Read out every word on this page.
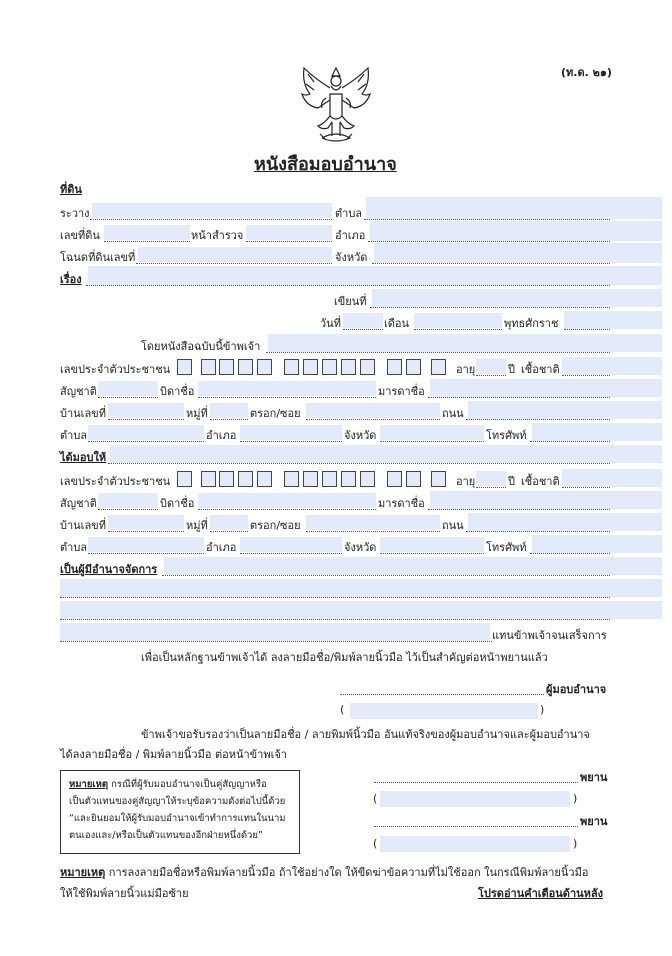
(ท.ด. ๒๑)
หนังสือมอบอำนาจ
ที่ดิน
ระวาง	ตำบล
เลขที่ดิน	หน้าสำรวจ	อำเภอ
โฉนดที่ดินเลขที่	จังหวัด
เรื่อง
เขียนที่
วันที่	เดือน	พุทธศักราช
โดยหนังสือฉบับนี้ข้าพเจ้า
เลขประจำตัวประชาชน	อายุ	ปี เชื้อชาติ
สัญชาติ	บิดาชื่อ	มารดาชื่อ
บ้านเลขที่	หมู่ที่	ตรอก/ซอย	ถนน
ตำบล	อำเภอ	จังหวัด	โทรศัพท์
ได้มอบให้
เลขประจำตัวประชาชน	อายุ	ปี เชื้อชาติ
สัญชาติ	บิดาชื่อ	มารดาชื่อ
บ้านเลขที่	หมู่ที่	ตรอก/ซอย	ถนน
ตำบล	อำเภอ	จังหวัด	โทรศัพท์
เป็นผู้มีอำนาจจัดการ
แทนข้าพเจ้าจนเสร็จการ
เพื่อเป็นหลักฐานข้าพเจ้าได้ ลงลายมือชื่อ/พิมพ์ลายนิ้วมือ ไว้เป็นสำคัญต่อหน้าพยานแล้ว
ผู้มอบอำนาจ
(	)
ข้าพเจ้าขอรับรองว่าเป็นลายมือชื่อ / ลายพิมพ์นิ้วมือ อันแท้จริงของผู้มอบอำนาจและผู้มอบอำนาจ
ได้ลงลายมือชื่อ / พิมพ์ลายนิ้วมือ ต่อหน้าข้าพเจ้า
หมายเหตุ กรณีที่ผู้รับมอบอำนาจเป็นคู่สัญญาหรือ
เป็นตัวแทนของคู่สัญญาให้ระบุข้อความดังต่อไปนี้ด้วย
“และยินยอมให้ผู้รับมอบอำนาจเข้าทำการแทนในนาม
ตนเองและ/หรือเป็นตัวแทนของอีกฝ่ายหนึ่งด้วย”
พยาน
(	)
พยาน
(	)
หมายเหตุ การลงลายมือชื่อหรือพิมพ์ลายนิ้วมือ ถ้าใช้อย่างใด ให้ขีดฆ่าข้อความที่ไม่ใช้ออก ในกรณีพิมพ์ลายนิ้วมือ
ให้ใช้พิมพ์ลายนิ้วแม่มือซ้าย	โปรดอ่านคำเตือนด้านหลัง
